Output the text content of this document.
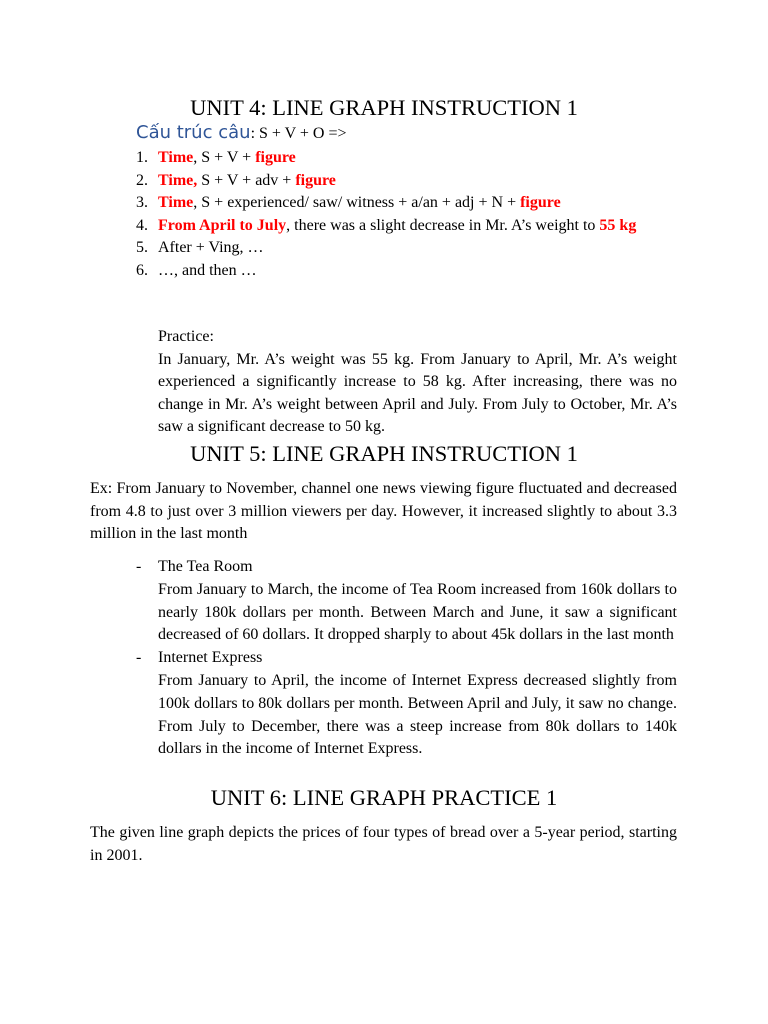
UNIT 4: LINE GRAPH INSTRUCTION 1
Cấu trúc câu: S + V + O =>
1. Time, S + V + figure
2. Time, S + V + adv + figure
3. Time, S + experienced/ saw/ witness + a/an + adj + N + figure
4. From April to July, there was a slight decrease in Mr. A’s weight to 55 kg
5. After + Ving, …
6. …, and then …
Practice:
In January, Mr. A’s weight was 55 kg. From January to April, Mr. A’s weight experienced a significantly increase to 58 kg. After increasing, there was no change in Mr. A’s weight between April and July. From July to October, Mr. A’s saw a significant decrease to 50 kg.
UNIT 5: LINE GRAPH INSTRUCTION 1

Ex: From January to November, channel one news viewing figure fluctuated and decreased from 4.8 to just over 3 million viewers per day. However, it increased slightly to about 3.3 million in the last month

- The Tea Room
From January to March, the income of Tea Room increased from 160k dollars to nearly 180k dollars per month. Between March and June, it saw a significant decreased of 60 dollars. It dropped sharply to about 45k dollars in the last month
- Internet Express
From January to April, the income of Internet Express decreased slightly from 100k dollars to 80k dollars per month. Between April and July, it saw no change. From July to December, there was a steep increase from 80k dollars to 140k dollars in the income of Internet Express.
UNIT 6: LINE GRAPH PRACTICE 1

The given line graph depicts the prices of four types of bread over a 5-year period, starting in 2001.
